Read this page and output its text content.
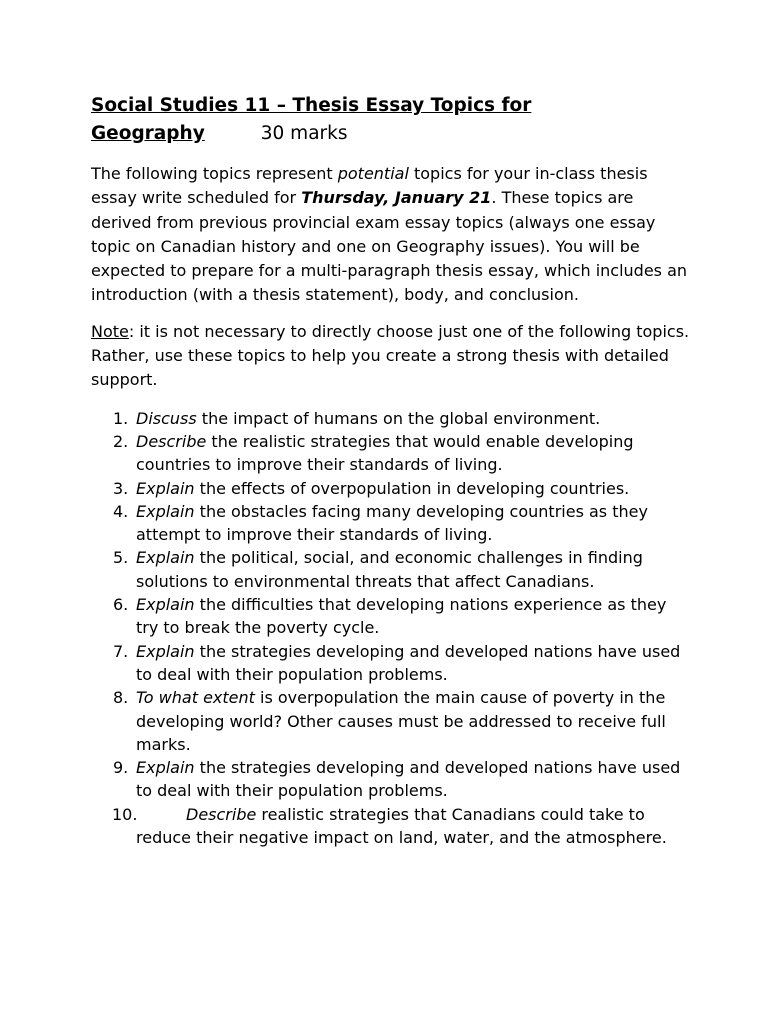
Social Studies 11 – Thesis Essay Topics for
Geography	30 marks

The following topics represent potential topics for your in-class thesis essay write scheduled for Thursday, January 21. These topics are derived from previous provincial exam essay topics (always one essay topic on Canadian history and one on Geography issues). You will be expected to prepare for a multi-paragraph thesis essay, which includes an introduction (with a thesis statement), body, and conclusion.

Note: it is not necessary to directly choose just one of the following topics. Rather, use these topics to help you create a strong thesis with detailed support.

1. Discuss the impact of humans on the global environment.
2. Describe the realistic strategies that would enable developing countries to improve their standards of living.
3. Explain the effects of overpopulation in developing countries.
4. Explain the obstacles facing many developing countries as they attempt to improve their standards of living.
5. Explain the political, social, and economic challenges in finding solutions to environmental threats that affect Canadians.
6. Explain the difficulties that developing nations experience as they try to break the poverty cycle.
7. Explain the strategies developing and developed nations have used to deal with their population problems.
8. To what extent is overpopulation the main cause of poverty in the developing world? Other causes must be addressed to receive full marks.
9. Explain the strategies developing and developed nations have used to deal with their population problems.
10.	Describe realistic strategies that Canadians could take to reduce their negative impact on land, water, and the atmosphere.
